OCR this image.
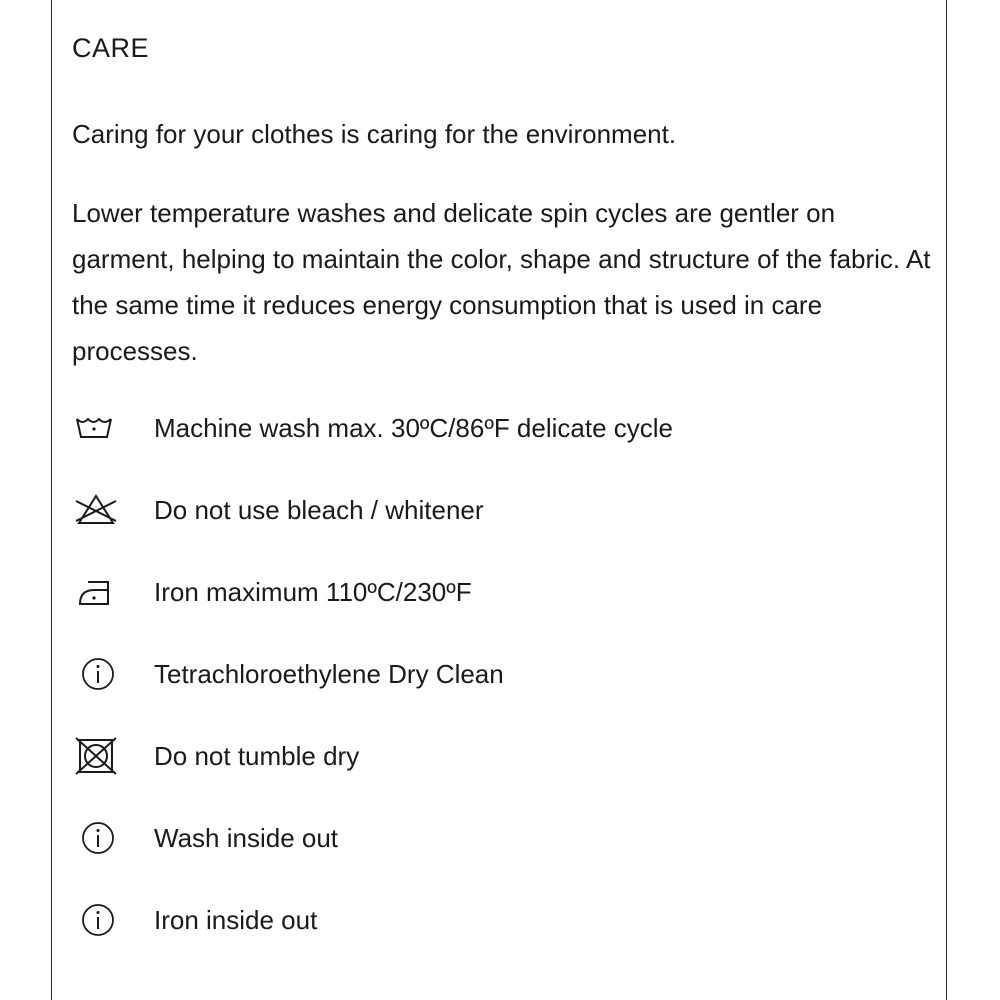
CARE
Caring for your clothes is caring for the environment.
Lower temperature washes and delicate spin cycles are gentler on garment, helping to maintain the color, shape and structure of the fabric. At the same time it reduces energy consumption that is used in care processes.
Machine wash max. 30ºC/86ºF delicate cycle
Do not use bleach / whitener
Iron maximum 110ºC/230ºF
Tetrachloroethylene Dry Clean
Do not tumble dry
Wash inside out
Iron inside out
